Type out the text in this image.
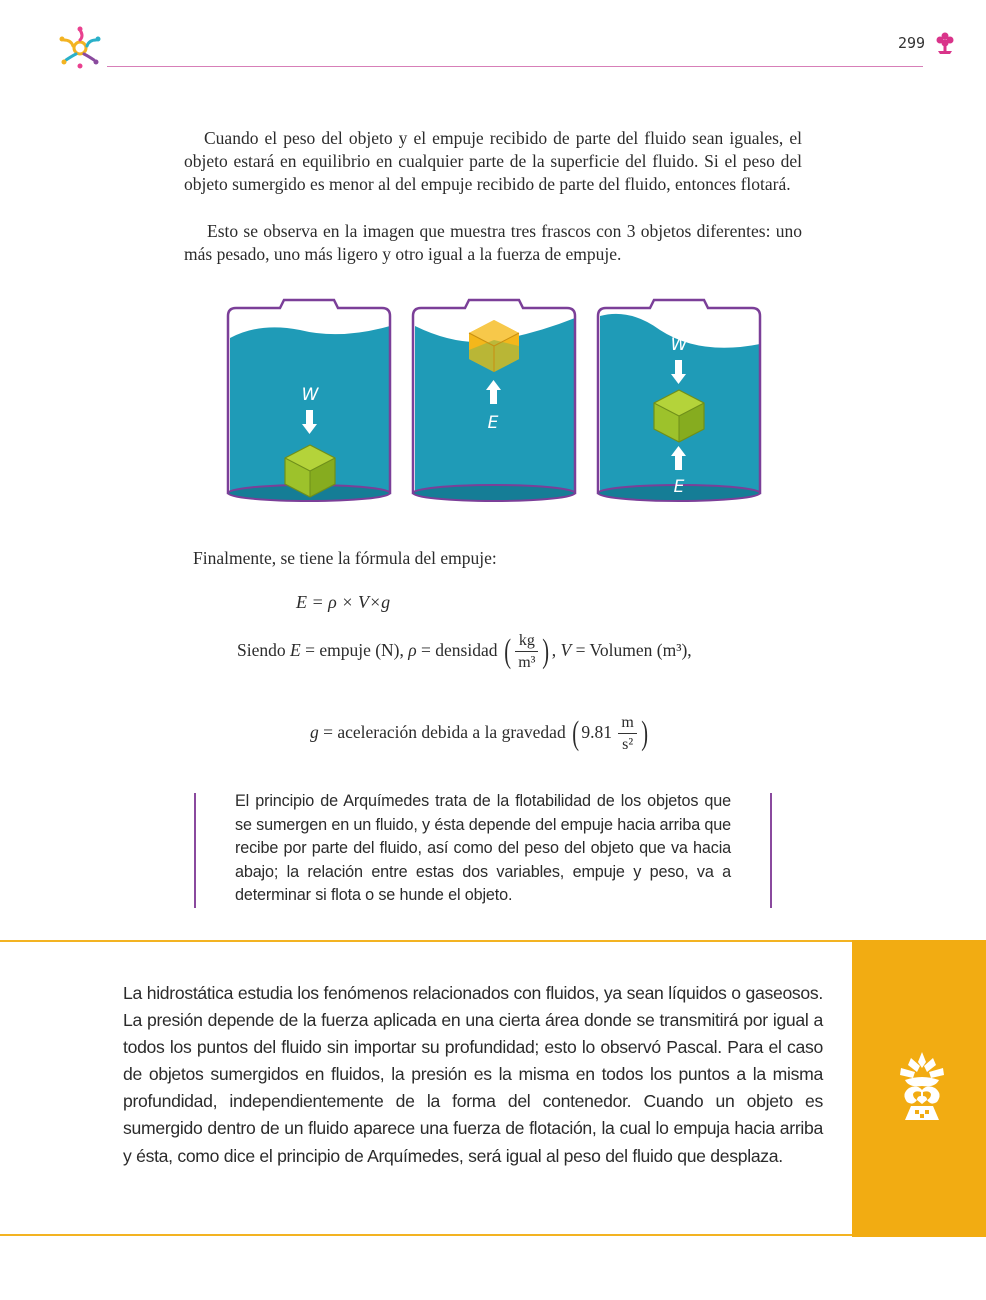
299

Cuando el peso del objeto y el empuje recibido de parte del fluido sean iguales, el objeto estará en equilibrio en cualquier parte de la superficie del fluido. Si el peso del objeto sumergido es menor al del empuje recibido de parte del fluido, entonces flotará.

Esto se observa en la imagen que muestra tres frascos con 3 objetos diferentes: uno más pesado, uno más ligero y otro igual a la fuerza de empuje.

W
E
W
E
Finalmente, se tiene la fórmula del empuje:
E = ρ × V×g
Siendo E = empuje (N), ρ = densidad ( $\frac{kg}{\text{m³}}$ ) , V = Volumen (m³),
g = aceleración debida a la gravedad ( $9.81 \frac{m}{\text{s²}}$ )

El principio de Arquímedes trata de la flotabilidad de los objetos que se sumergen en un fluido, y ésta depende del empuje hacia arriba que recibe por parte del fluido, así como del peso del objeto que va hacia abajo; la relación entre estas dos variables, empuje y peso, va a determinar si flota o se hunde el objeto.

La hidrostática estudia los fenómenos relacionados con fluidos, ya sean líquidos o gaseosos. La presión depende de la fuerza aplicada en una cierta área donde se transmitirá por igual a todos los puntos del fluido sin importar su profundidad; esto lo observó Pascal. Para el caso de objetos sumergidos en fluidos, la presión es la misma en todos los puntos a la misma profundidad, independientemente de la forma del contenedor. Cuando un objeto es sumergido dentro de un fluido aparece una fuerza de flotación, la cual lo empuja hacia arriba y ésta, como dice el principio de Arquímedes, será igual al peso del fluido que desplaza.
